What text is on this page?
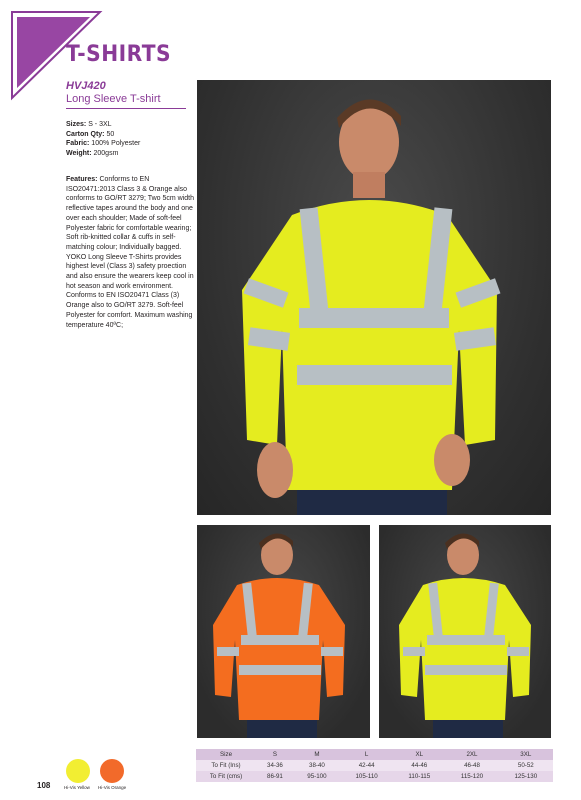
T-SHIRTS
HVJ420
Long Sleeve T-shirt
Sizes: S - 3XL
Carton Qty: 50
Fabric: 100% Polyester
Weight: 200gsm
Features: Conforms to EN ISO20471:2013 Class 3 & Orange also conforms to GO/RT 3279; Two 5cm width reflective tapes around the body and one over each shoulder; Made of soft-feel Polyester fabric for comfortable wearing; Soft rib-knitted collar & cuffs in self-matching colour; Individually bagged. YOKO Long Sleeve T-Shirts provides highest level (Class 3) safety proection and also ensure the wearers keep cool in hot season and work environment. Conforms to EN ISO20471 Class (3) Orange also to GO/RT 3279. Soft-feel Polyester for comfort. Maximum washing temperature 40ºC;
Size	S	M	L	XL	2XL	3XL
To Fit (Ins)	34-36	38-40	42-44	44-46	46-48	50-52
To Fit (cms)	86-91	95-100	105-110	110-115	115-120	125-130
108	Hi-Vis Yellow Hi-Vis Orange
